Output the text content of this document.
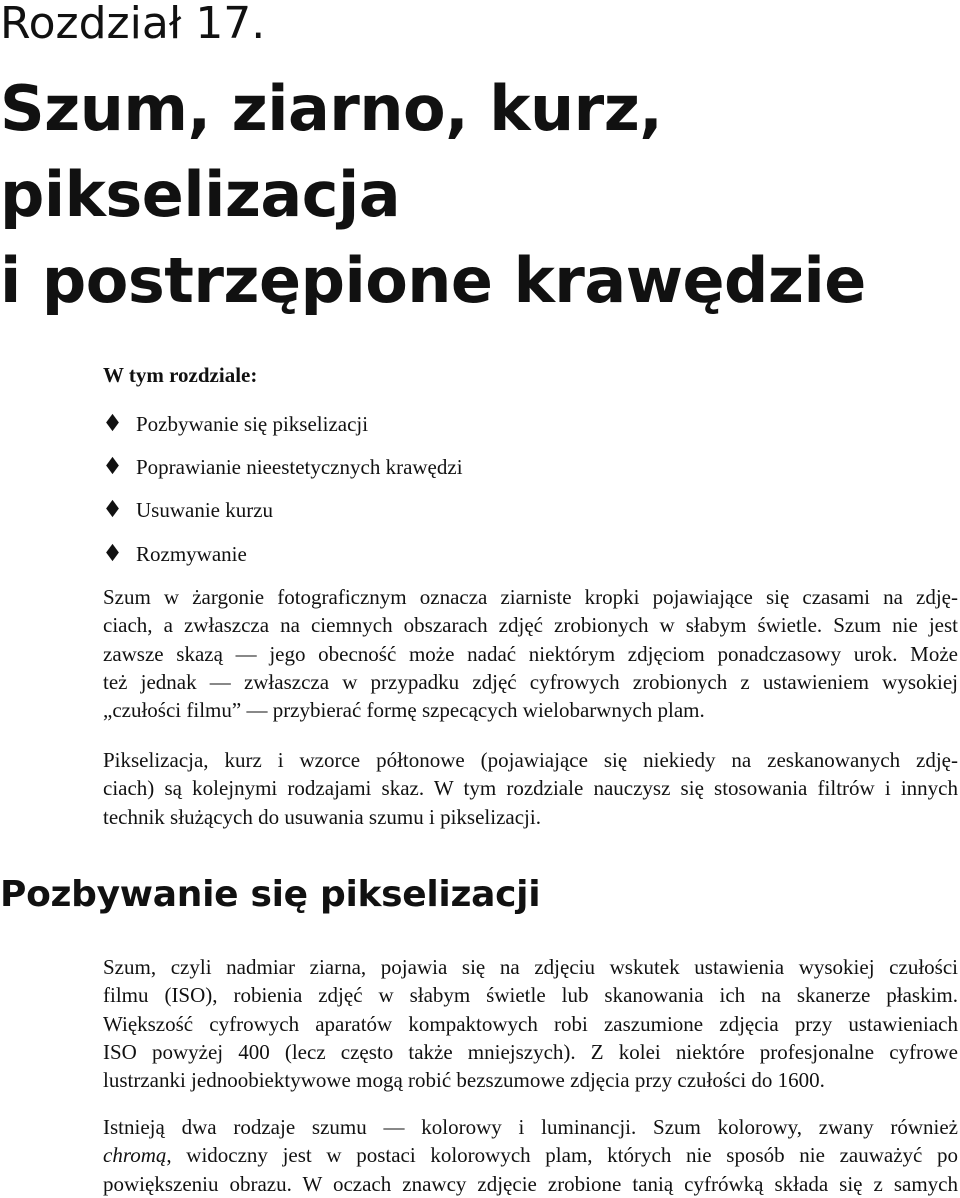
Rozdział 17.
Szum, ziarno, kurz,
pikselizacja
i postrzępione krawędzie
W tym rozdziale:
Pozbywanie się pikselizacji
Poprawianie nieestetycznych krawędzi
Usuwanie kurzu
Rozmywanie

Szum w żargonie fotograficznym oznacza ziarniste kropki pojawiające się czasami na zdję-
ciach, a zwłaszcza na ciemnych obszarach zdjęć zrobionych w słabym świetle. Szum nie jest
zawsze skazą — jego obecność może nadać niektórym zdjęciom ponadczasowy urok. Może
też jednak — zwłaszcza w przypadku zdjęć cyfrowych zrobionych z ustawieniem wysokiej
„czułości filmu” — przybierać formę szpecących wielobarwnych plam.

Pikselizacja, kurz i wzorce półtonowe (pojawiające się niekiedy na zeskanowanych zdję-
ciach) są kolejnymi rodzajami skaz. W tym rozdziale nauczysz się stosowania filtrów i innych
technik służących do usuwania szumu i pikselizacji.

Pozbywanie się pikselizacji

Szum, czyli nadmiar ziarna, pojawia się na zdjęciu wskutek ustawienia wysokiej czułości
filmu (ISO), robienia zdjęć w słabym świetle lub skanowania ich na skanerze płaskim.
Większość cyfrowych aparatów kompaktowych robi zaszumione zdjęcia przy ustawieniach
ISO powyżej 400 (lecz często także mniejszych). Z kolei niektóre profesjonalne cyfrowe
lustrzanki jednoobiektywowe mogą robić bezszumowe zdjęcia przy czułości do 1600.

Istnieją dwa rodzaje szumu — kolorowy i luminancji. Szum kolorowy, zwany również
chromą, widoczny jest w postaci kolorowych plam, których nie sposób nie zauważyć po
powiększeniu obrazu. W oczach znawcy zdjęcie zrobione tanią cyfrówką składa się z samych
